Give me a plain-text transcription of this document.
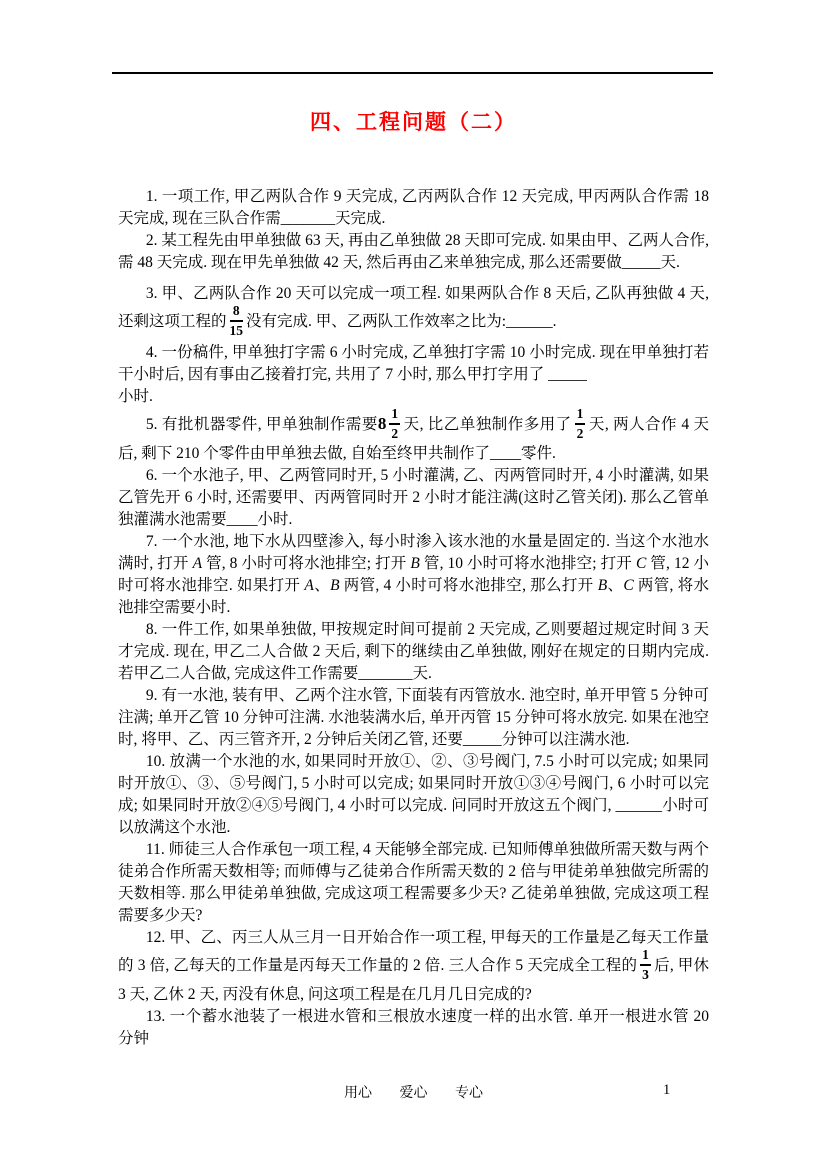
四、工程问题（二）

1. 一项工作, 甲乙两队合作 9 天完成, 乙丙两队合作 12 天完成, 甲丙两队合作需 18 天完成, 现在三队合作需_______天完成.

2. 某工程先由甲单独做 63 天, 再由乙单独做 28 天即可完成. 如果由甲、乙两人合作, 需 48 天完成. 现在甲先单独做 42 天, 然后再由乙来单独完成, 那么还需要做_____天.

3. 甲、乙两队合作 20 天可以完成一项工程. 如果两队合作 8 天后, 乙队再独做 4 天, 还剩这项工程的 $\frac{8}{15}$ 没有完成. 甲、乙两队工作效率之比为:______.

4. 一份稿件, 甲单独打字需 6 小时完成, 乙单独打字需 10 小时完成. 现在甲单独打若干小时后, 因有事由乙接着打完, 共用了 7 小时, 那么甲打字用了 _____
小时.

5. 有批机器零件, 甲单独制作需要$8 \frac{1}{2}$ 天, 比乙单独制作多用了 $\frac{1}{2}$ 天, 两人合作 4 天后, 剩下 210 个零件由甲单独去做, 自始至终甲共制作了____零件.

6. 一个水池子, 甲、乙两管同时开, 5 小时灌满, 乙、丙两管同时开, 4 小时灌满, 如果乙管先开 6 小时, 还需要甲、丙两管同时开 2 小时才能注满(这时乙管关闭). 那么乙管单独灌满水池需要____小时.

7. 一个水池, 地下水从四壁渗入, 每小时渗入该水池的水量是固定的. 当这个水池水满时, 打开 A 管, 8 小时可将水池排空; 打开 B 管, 10 小时可将水池排空; 打开 C 管, 12 小时可将水池排空. 如果打开 A、B 两管, 4 小时可将水池排空, 那么打开 B、C 两管, 将水池排空需要小时.

8. 一件工作, 如果单独做, 甲按规定时间可提前 2 天完成, 乙则要超过规定时间 3 天才完成. 现在, 甲乙二人合做 2 天后, 剩下的继续由乙单独做, 刚好在规定的日期内完成. 若甲乙二人合做, 完成这件工作需要_______天.

9. 有一水池, 装有甲、乙两个注水管, 下面装有丙管放水. 池空时, 单开甲管 5 分钟可注满; 单开乙管 10 分钟可注满. 水池装满水后, 单开丙管 15 分钟可将水放完. 如果在池空时, 将甲、乙、丙三管齐开, 2 分钟后关闭乙管, 还要_____分钟可以注满水池.

10. 放满一个水池的水, 如果同时开放①、②、③号阀门, 7.5 小时可以完成; 如果同时开放①、③、⑤号阀门, 5 小时可以完成; 如果同时开放①③④号阀门, 6 小时可以完成; 如果同时开放②④⑤号阀门, 4 小时可以完成. 问同时开放这五个阀门, ______小时可以放满这个水池.

11. 师徒三人合作承包一项工程, 4 天能够全部完成. 已知师傅单独做所需天数与两个徒弟合作所需天数相等; 而师傅与乙徒弟合作所需天数的 2 倍与甲徒弟单独做完所需的天数相等. 那么甲徒弟单独做, 完成这项工程需要多少天? 乙徒弟单独做, 完成这项工程需要多少天?

12. 甲、乙、丙三人从三月一日开始合作一项工程, 甲每天的工作量是乙每天工作量的 3 倍, 乙每天的工作量是丙每天工作量的 2 倍. 三人合作 5 天完成全工程的 $\frac{1}{3}$ 后, 甲休 3 天, 乙休 2 天, 丙没有休息, 问这项工程是在几月几日完成的?

13. 一个蓄水池装了一根进水管和三根放水速度一样的出水管. 单开一根进水管 20 分钟

用心 爱心 专心	1
